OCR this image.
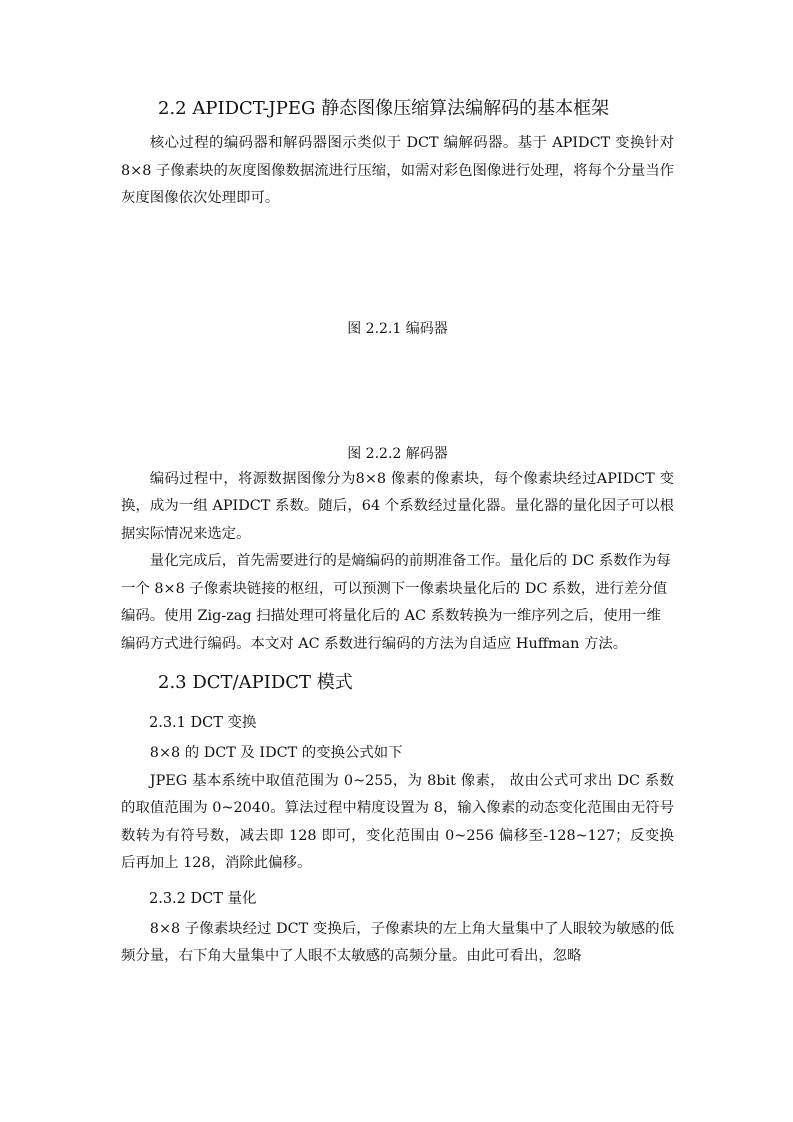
2.2 APIDCT-JPEG 静态图像压缩算法编解码的基本框架

核心过程的编码器和解码器图示类似于 DCT 编解码器。基于 APIDCT 变换针对 8×8 子像素块的灰度图像数据流进行压缩，如需对彩色图像进行处理，将每个分量当作灰度图像依次处理即可。

图 2.2.1 编码器

图 2.2.2 解码器

编码过程中，将源数据图像分为8×8 像素的像素块，每个像素块经过APIDCT 变换，成为一组 APIDCT 系数。随后，64 个系数经过量化器。量化器的量化因子可以根据实际情况来选定。

量化完成后，首先需要进行的是熵编码的前期准备工作。量化后的 DC 系数作为每一个 8×8 子像素块链接的枢纽，可以预测下一像素块量化后的 DC 系数，进行差分值编码。使用 Zig-zag 扫描处理可将量化后的 AC 系数转换为一维序列之后，使用一维编码方式进行编码。本文对 AC 系数进行编码的方法为自适应 Huffman 方法。

2.3 DCT/APIDCT 模式
2.3.1 DCT 变换

8×8 的 DCT 及 IDCT 的变换公式如下

JPEG 基本系统中取值范围为 0~255，为 8bit 像素， 故由公式可求出 DC 系数的取值范围为 0~2040。算法过程中精度设置为 8，输入像素的动态变化范围由无符号数转为有符号数，减去即 128 即可，变化范围由 0~256 偏移至-128~127；反变换后再加上 128，消除此偏移。

2.3.2 DCT 量化

8×8 子像素块经过 DCT 变换后，子像素块的左上角大量集中了人眼较为敏感的低频分量，右下角大量集中了人眼不太敏感的高频分量。由此可看出，忽略
